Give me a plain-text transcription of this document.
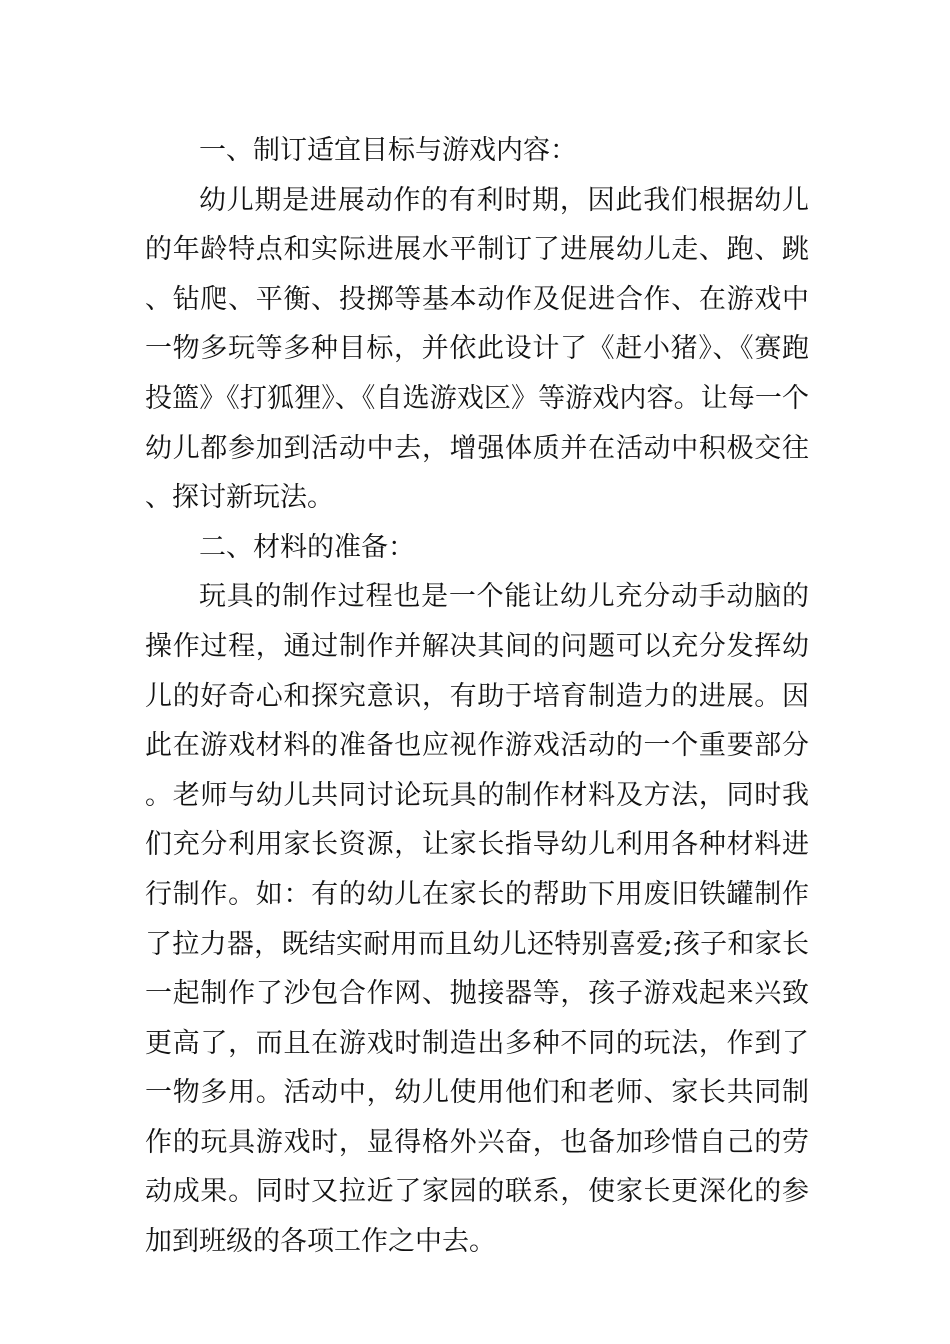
一、制订适宜目标与游戏内容：

幼儿期是进展动作的有利时期，因此我们根据幼儿的年龄特点和实际进展水平制订了进展幼儿走、跑、跳、钻爬、平衡、投掷等基本动作及促进合作、在游戏中一物多玩等多种目标，并依此设计了《赶小猪》、《赛跑投篮》《打狐狸》、《自选游戏区》等游戏内容。让每一个幼儿都参加到活动中去，增强体质并在活动中积极交往、探讨新玩法。

二、材料的准备：

玩具的制作过程也是一个能让幼儿充分动手动脑的操作过程，通过制作并解决其间的问题可以充分发挥幼儿的好奇心和探究意识，有助于培育制造力的进展。因此在游戏材料的准备也应视作游戏活动的一个重要部分。老师与幼儿共同讨论玩具的制作材料及方法，同时我们充分利用家长资源，让家长指导幼儿利用各种材料进行制作。如：有的幼儿在家长的帮助下用废旧铁罐制作了拉力器，既结实耐用而且幼儿还特别喜爱;孩子和家长一起制作了沙包合作网、抛接器等，孩子游戏起来兴致更高了，而且在游戏时制造出多种不同的玩法，作到了一物多用。活动中，幼儿使用他们和老师、家长共同制作的玩具游戏时，显得格外兴奋，也备加珍惜自己的劳动成果。同时又拉近了家园的联系，使家长更深化的参加到班级的各项工作之中去。
